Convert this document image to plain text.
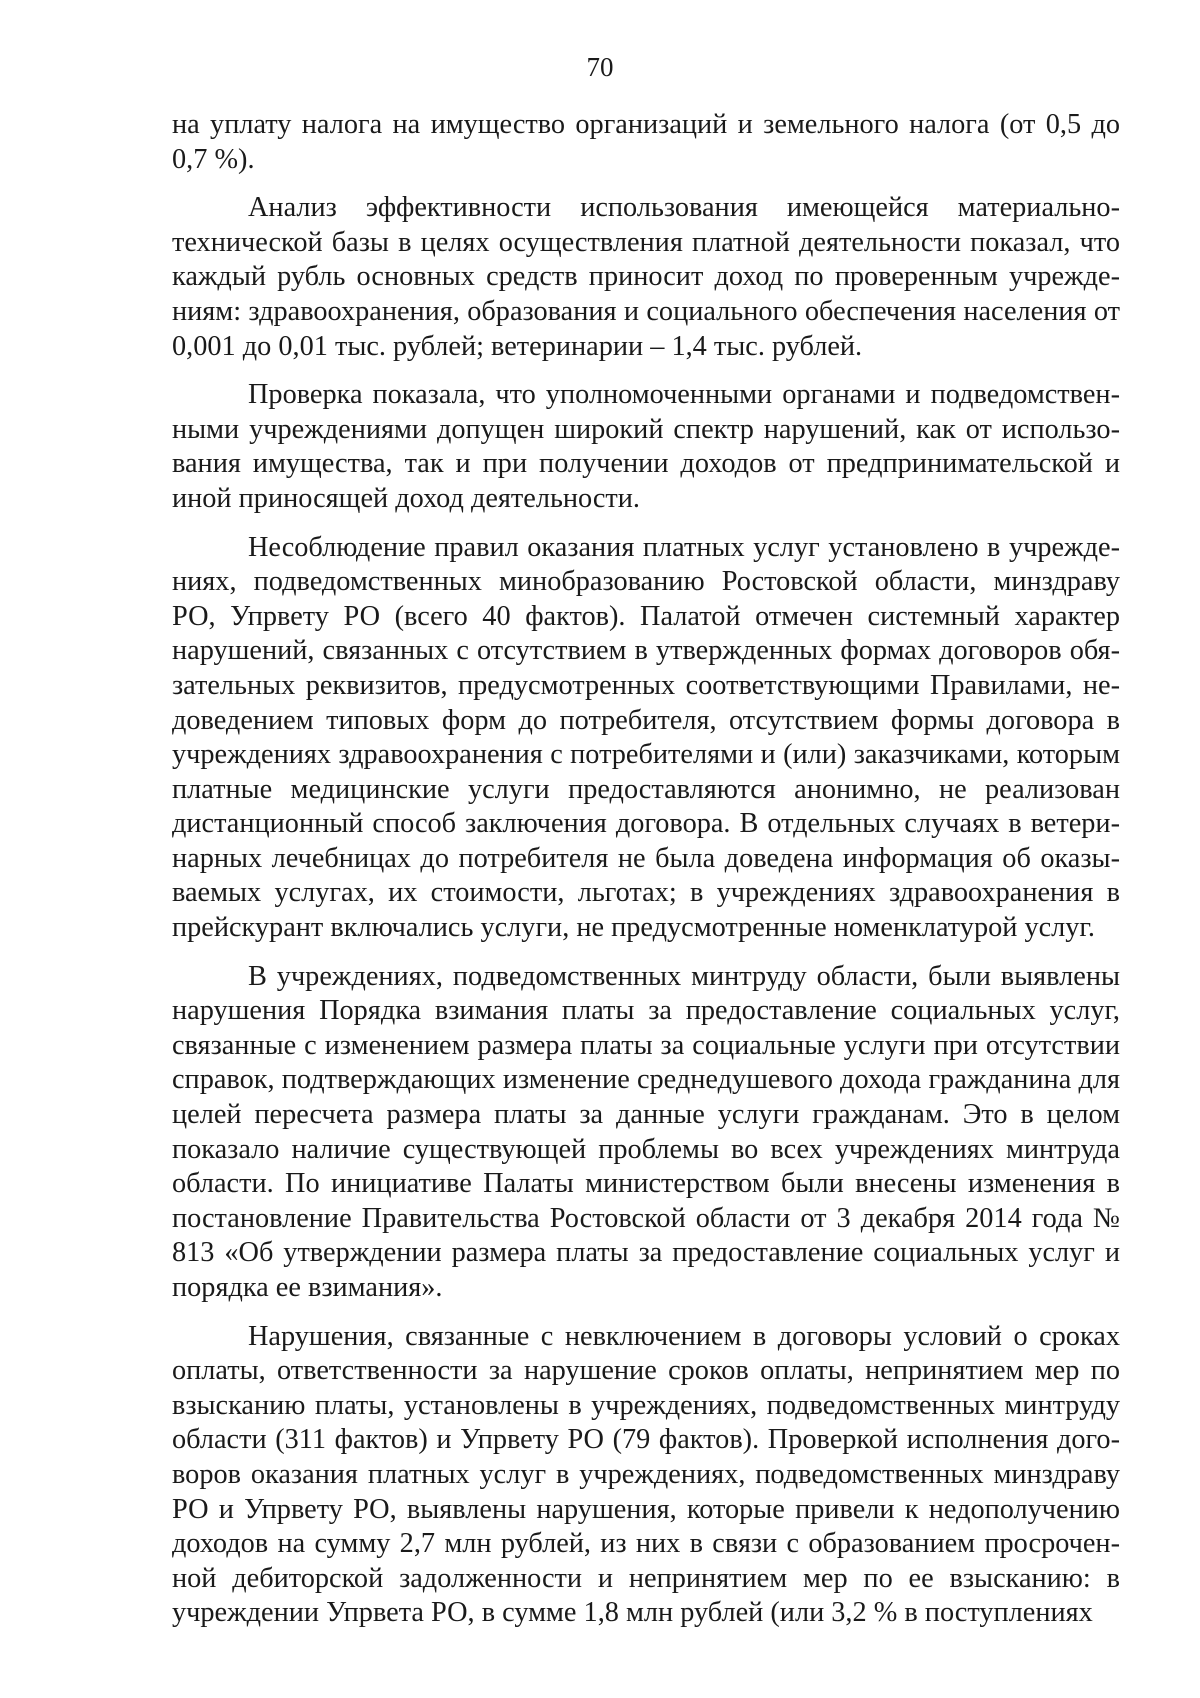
70

на уплату налога на имущество организаций и земельного налога (от 0,5 до 0,7 %).

Анализ эффективности использования имеющейся материально-технической базы в целях осуществления платной деятельности показал, что каждый рубль основных средств приносит доход по проверенным учреждениям: здравоохранения, образования и социального обеспечения населения от 0,001 до 0,01 тыс. рублей; ветеринарии – 1,4 тыс. рублей.

Проверка показала, что уполномоченными органами и подведомственными учреждениями допущен широкий спектр нарушений, как от использования имущества, так и при получении доходов от предпринимательской и иной приносящей доход деятельности.

Несоблюдение правил оказания платных услуг установлено в учреждениях, подведомственных минобразованию Ростовской области, минздраву РО, Упрвету РО (всего 40 фактов). Палатой отмечен системный характер нарушений, связанных с отсутствием в утвержденных формах договоров обязательных реквизитов, предусмотренных соответствующими Правилами, недоведением типовых форм до потребителя, отсутствием формы договора в учреждениях здравоохранения с потребителями и (или) заказчиками, которым платные медицинские услуги предоставляются анонимно, не реализован дистанционный способ заключения договора. В отдельных случаях в ветеринарных лечебницах до потребителя не была доведена информация об оказываемых услугах, их стоимости, льготах; в учреждениях здравоохранения в прейскурант включались услуги, не предусмотренные номенклатурой услуг.

В учреждениях, подведомственных минтруду области, были выявлены нарушения Порядка взимания платы за предоставление социальных услуг, связанные с изменением размера платы за социальные услуги при отсутствии справок, подтверждающих изменение среднедушевого дохода гражданина для целей пересчета размера платы за данные услуги гражданам. Это в целом показало наличие существующей проблемы во всех учреждениях минтруда области. По инициативе Палаты министерством были внесены изменения в постановление Правительства Ростовской области от 3 декабря 2014 года № 813 «Об утверждении размера платы за предоставление социальных услуг и порядка ее взимания».

Нарушения, связанные с невключением в договоры условий о сроках оплаты, ответственности за нарушение сроков оплаты, непринятием мер по взысканию платы, установлены в учреждениях, подведомственных минтруду области (311 фактов) и Упрвету РО (79 фактов). Проверкой исполнения договоров оказания платных услуг в учреждениях, подведомственных минздраву РО и Упрвету РО, выявлены нарушения, которые привели к недополучению доходов на сумму 2,7 млн рублей, из них в связи с образованием просроченной дебиторской задолженности и непринятием мер по ее взысканию: в учреждении Упрвета РО, в сумме 1,8 млн рублей (или 3,2 % в поступлениях
